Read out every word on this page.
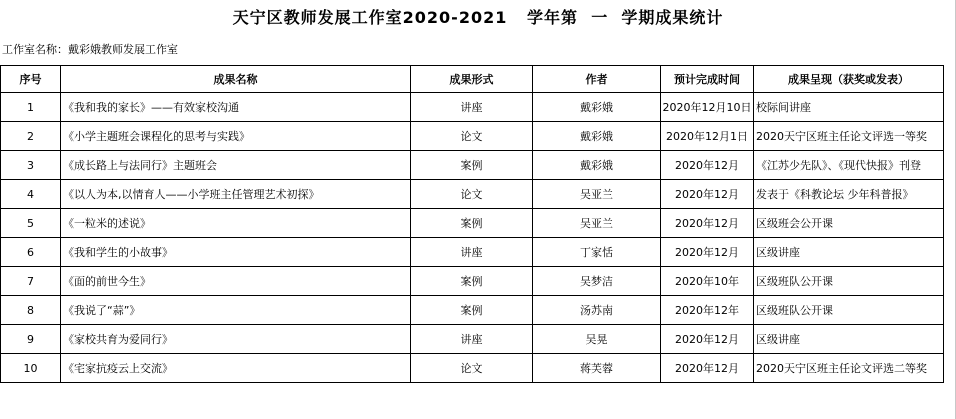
天宁区教师发展工作室2020-2021   学年第  一  学期成果统计
工作室名称：戴彩娥教师发展工作室
序号	成果名称	成果形式	作者	预计完成时间	成果呈现（获奖或发表）
1	《我和我的家长》——有效家校沟通	讲座	戴彩娥	2020年12月10日	校际间讲座
2	《小学主题班会课程化的思考与实践》	论文	戴彩娥	2020年12月1日	2020天宁区班主任论文评选一等奖
3	《成长路上与法同行》主题班会	案例	戴彩娥	2020年12月	《江苏少先队》、《现代快报》刊登
4	《以人为本,以情育人——小学班主任管理艺术初探》	论文	吴亚兰	2020年12月	发表于《科教论坛 少年科普报》
5	《一粒米的述说》	案例	吴亚兰	2020年12月	区级班会公开课
6	《我和学生的小故事》	讲座	丁家恬	2020年12月	区级讲座
7	《面的前世今生》	案例	吴梦洁	2020年10年	区级班队公开课
8	《我说了“蒜”》	案例	汤苏南	2020年12年	区级班队公开课
9	《家校共育为爱同行》	讲座	吴晃	2020年12月	区级讲座
10	《宅家抗疫云上交流》	论文	蒋芙蓉	2020年12月	2020天宁区班主任论文评选二等奖
